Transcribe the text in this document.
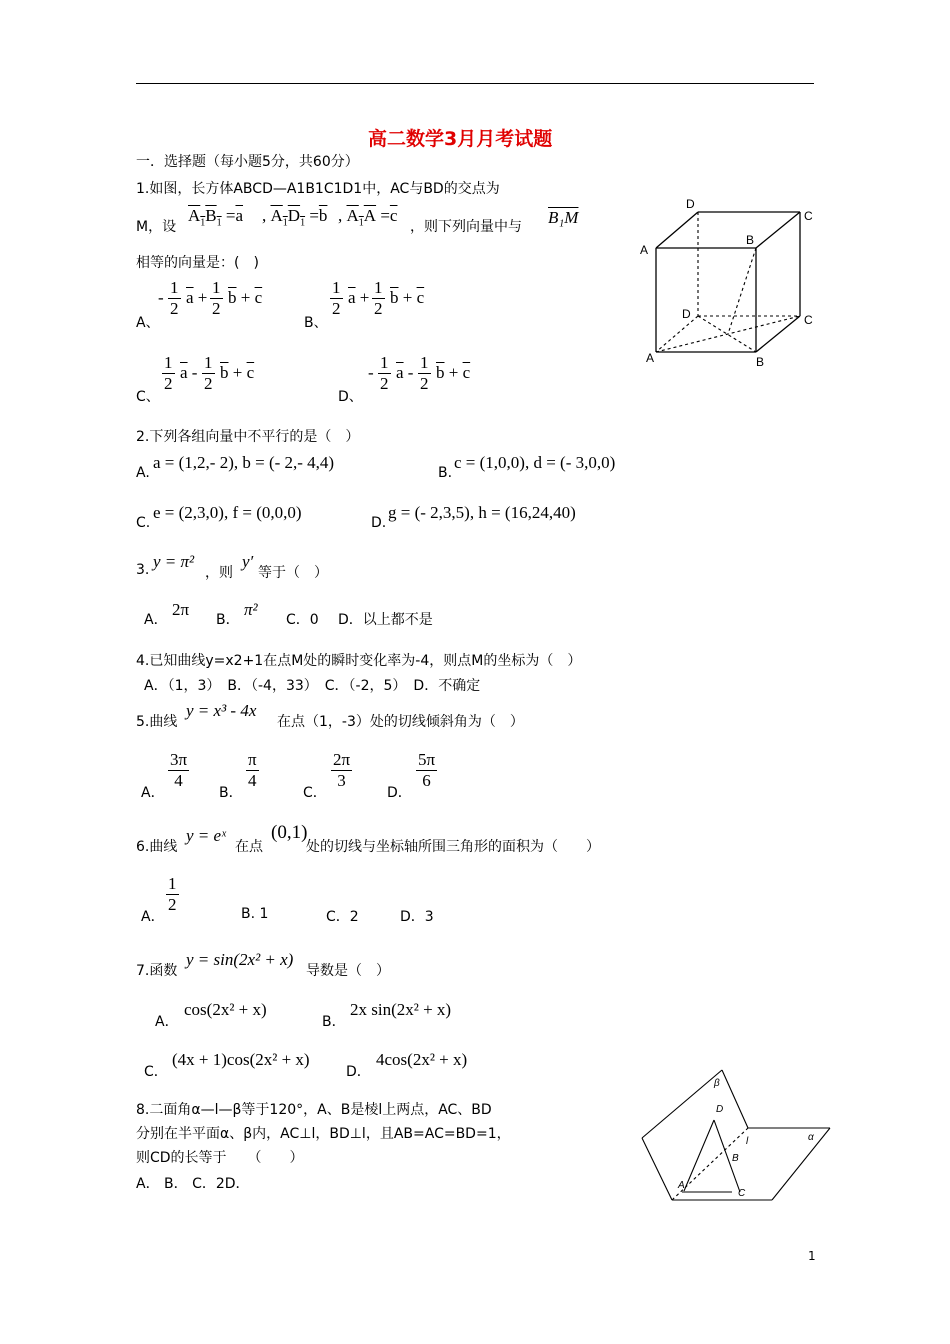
高二数学3月月考试题
一．选择题（每小题5分，共60分）
1.如图，长方体ABCD—A1B1C1D1中，AC与BD的交点为
M，设
$A_1B_1 =\overline{a}$ , $A_1D_1 =\overline{b}$ , $A_1A =\overline{c}$
，则下列向量中与 B₁M
相等的向量是：(　)
A、
- $\frac{1}{2} \overline{a} + \frac{1}{2} \overline{b} + \overline{c}$
B、
$\frac{1}{2} \overline{a} + \frac{1}{2} \overline{b} + \overline{c}$
C、
$\frac{1}{2} \overline{a} - \frac{1}{2} \overline{b} + \overline{c}$
D、
- $\frac{1}{2} \overline{a} - \frac{1}{2} \overline{b} + \overline{c}$
D
C
A
B
D	C
A	B
2.下列各组向量中不平行的是（　）
A.
a = (1,2,- 2), b = (- 2,- 4,4)
B.
c = (1,0,0), d = (- 3,0,0)
C.
e = (2,3,0), f = (0,0,0)
D.
g = (- 2,3,5), h = (16,24,40)
3. y = π²
，则
y′
等于（　）
A．
2π
B．
π²
C．0 D．以上都不是
4.已知曲线y=x2+1在点M处的瞬时变化率为-4，则点M的坐标为（　）
A．（1，3）　B．（-4，33）　C．（-2，5）　D．不确定
5.曲线
y = x³ - 4x
在点（1，-3）处的切线倾斜角为（　）
A．
$\frac{3\pi}{4}$
B．
$\frac{\pi}{4}$
C．
$\frac{2\pi}{3}$
D．
$\frac{5\pi}{6}$
6.曲线
y = eˣ
在点
(0,1)
处的切线与坐标轴所围三角形的面积为（　　）
A．
$\frac{1}{2}$	B. 1	C．2	D．3
7.函数
y = sin(2x² + x)
导数是（　）
A．
cos(2x² + x)
B．
2x sin(2x² + x)
C．
(4x + 1)cos(2x² + x)
D．
4cos(2x² + x)
8.二面角α—l—β等于120°，A、B是棱l上两点，AC、BD
分别在半平面α、β内，AC⊥l，BD⊥l，且AB=AC=BD=1，
则CD的长等于　　（　　）
A． B． C．2D．
β
D
l	α
B
A
C
1
